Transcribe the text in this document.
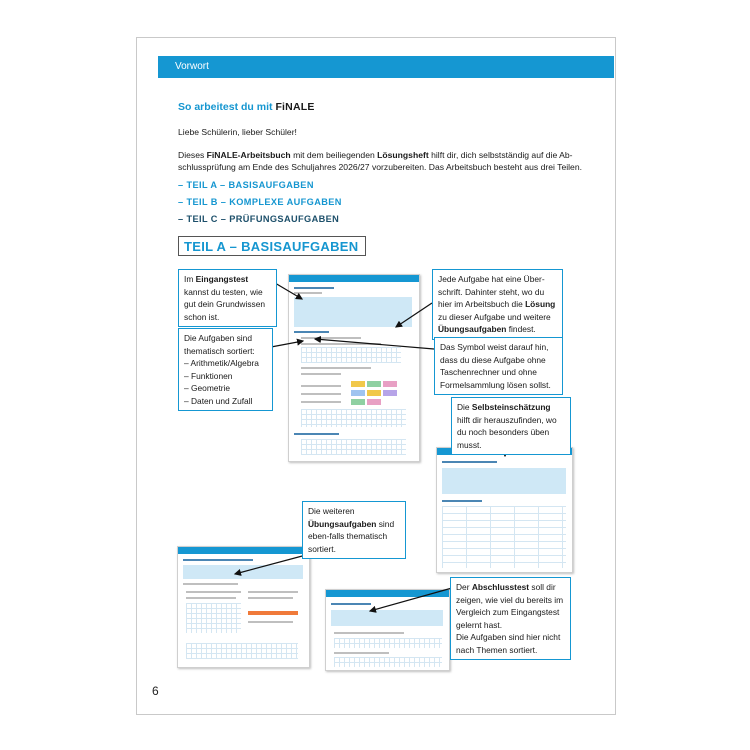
Vorwort
So arbeitest du mit FiNALE
Liebe Schülerin, lieber Schüler!
Dieses FiNALE-Arbeitsbuch mit dem beiliegenden Lösungsheft hilft dir, dich selbstständig auf die Ab-
schlussprüfung am Ende des Schuljahres 2026/27 vorzubereiten. Das Arbeitsbuch besteht aus drei Teilen.
– TEIL A – BASISAUFGABEN
– TEIL B – KOMPLEXE AUFGABEN
– TEIL C – PRÜFUNGSAUFGABEN
TEIL A – BASISAUFGABEN
Im Eingangstest kannst du testen, wie gut dein Grundwissen schon ist.
Die Aufgaben sind thematisch sortiert:
– Arithmetik/Algebra
– Funktionen
– Geometrie
– Daten und Zufall
Jede Aufgabe hat eine Über-schrift. Dahinter steht, wo du hier im Arbeitsbuch die Lösung zu dieser Aufgabe und weitere Übungsaufgaben findest.
Das Symbol weist darauf hin, dass du diese Aufgabe ohne Taschenrechner und ohne Formelsammlung lösen sollst.
Die Selbsteinschätzung hilft dir herauszufinden, wo du noch besonders üben musst.
Die weiteren Übungsaufgaben sind eben-falls thematisch sortiert.
Der Abschlusstest soll dir zeigen, wie viel du bereits im Vergleich zum Eingangstest gelernt hast.
Die Aufgaben sind hier nicht nach Themen sortiert.
6
